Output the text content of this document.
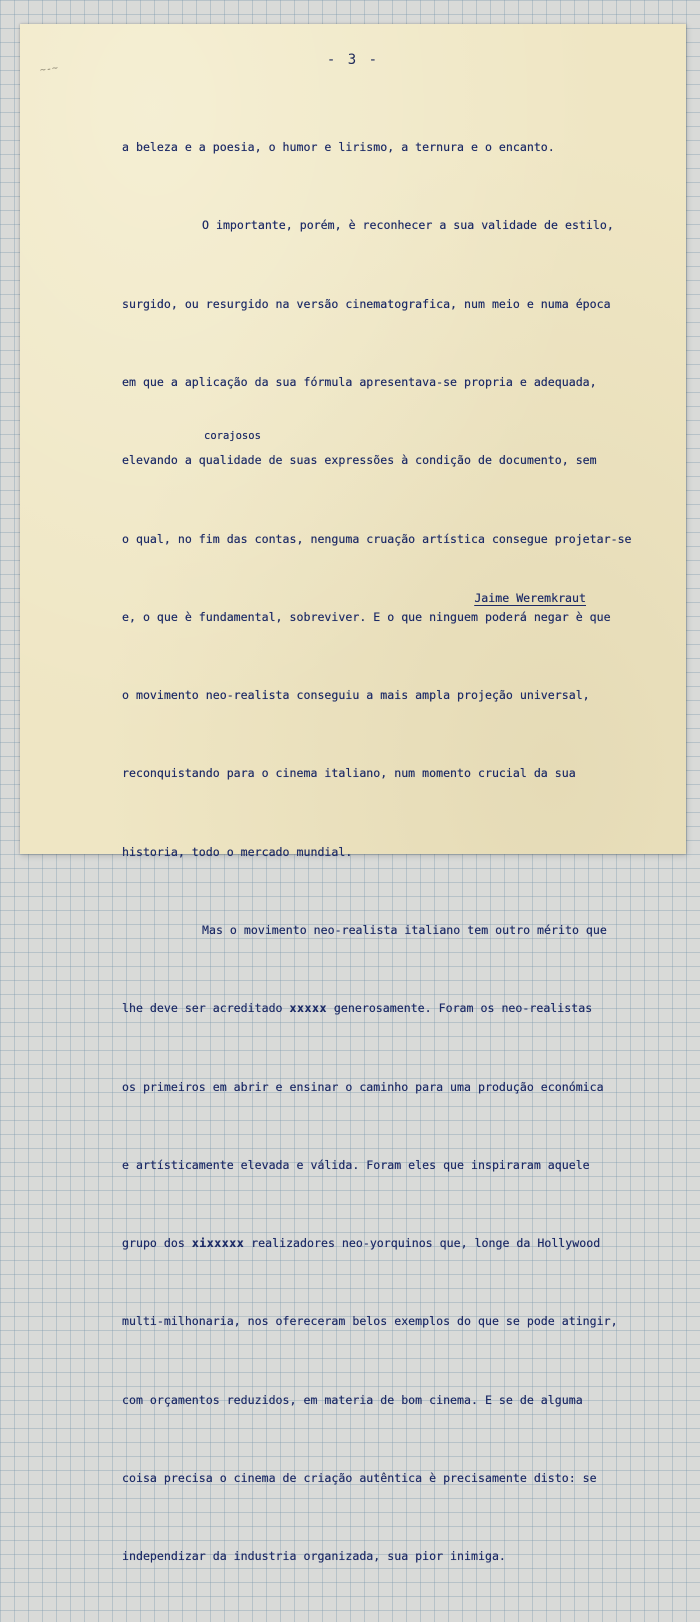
- 3 -
~-~

a beleza e a poesia, o humor e lirismo, a ternura e o encanto.

O importante, porém, è reconhecer a sua validade de estilo,

surgido, ou resurgido na versão cinematografica, num meio e numa época

em que a aplicação da sua fórmula apresentava-se propria e adequada,

elevando a qualidade de suas expressões à condição de documento, sem

o qual, no fim das contas, nenguma cruação artística consegue projetar-se

e, o que è fundamental, sobreviver. E o que ninguem poderá negar è que

o movimento neo-realista conseguiu a mais ampla projeção universal,

reconquistando para o cinema italiano, num momento crucial da sua

historia, todo o mercado mundial.

Mas o movimento neo-realista italiano tem outro mérito que

lhe deve ser acreditado xxxxx generosamente. Foram os neo-realistas

os primeiros em abrir e ensinar o caminho para uma produção económica

e artísticamente elevada e válida. Foram eles que inspiraram aquele

grupo dos xixxxxx realizadores neo-yorquinos que, longe da Hollywood

multi-milhonaria, nos ofereceram belos exemplos do que se pode atingir,

com orçamentos reduzidos, em materia de bom cinema. E se de alguma

coisa precisa o cinema de criação autêntica è precisamente disto: se

independizar da industria organizada, sua pior inimiga.

corajosos
Jaime Weremkraut
